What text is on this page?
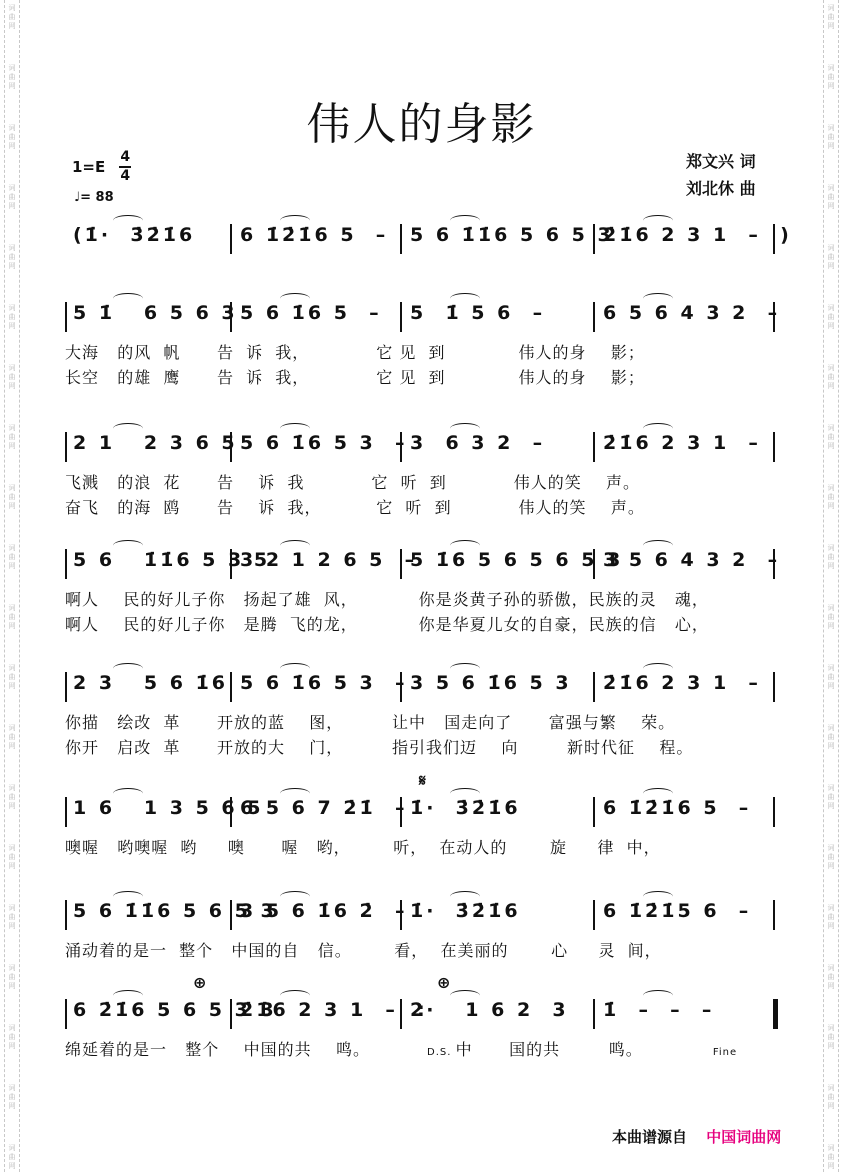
词
曲
网
词
曲
网
词
曲
网
词
曲
网
词
曲
网
词
曲
网
词
曲
网
词
曲
网
词
曲
网
词
曲
网
词
曲
网
词
曲
网
词
曲
网
词
曲
网
词
曲
网
词
曲
网
词
曲
网
词
曲
网
词
曲
网
词
曲
网
词
曲
网
词
曲
网
词
曲
网
词
曲
网
词
曲
网
词
曲
网
词
曲
网
词
曲
网
词
曲
网
词
曲
网
词
曲
网
词
曲
网
词
曲
网
词
曲
网
词
曲
网
词
曲
网
词
曲
网
词
曲
网
词
曲
网
词
曲
网
伟人的身影
$1=E \frac{4}{4}$
♩= 88
郑文兴 词
刘北休 曲
(1̇·  3̇2̇1̇6 6 1̇2̇1̇6 5  – 5 6 1̇1̇6 5 6 5 3
2̇1̇6 2 3 1  –  )
5 1̇   6 5 6 3 5 6 1̇6 5  – 5  1̇ 5 6  –	6 5 6 4 3 2  –
大海   的风  帆      告  诉  我，           它 见  到            伟人的身    影；
长空   的雄  鹰      告  诉  我，           它 见  到            伟人的身    影；
2 1   2 3 6 5 5 6 1̇6 5 3  – 3  6 3 2  –	2̇1̇6 2 3 1  –
飞溅   的浪  花      告    诉  我           它  听  到           伟人的笑    声。
奋飞   的海  鸥      告    诉  我，         它  听  到           伟人的笑    声。
5 6   1̇1̇6 5 3 5
3 2 1 2 6 5  –
5 1̇6 5 6 5 6 5 3
3 5 6 4 3 2  –
啊人    民的好儿子你   扬起了雄  风，          你是炎黄子孙的骄傲，民族的灵   魂，
啊人    民的好儿子你   是腾  飞的龙，          你是华夏儿女的自豪，民族的信   心，
2 3   5 6 1̇6 5 6 1̇6 5 3  – 3 5 6 1̇6 5 3 2̇1̇6 2 3 1  –
你描   绘改  革      开放的蓝    图，        让中   国走向了      富强与繁    荣。
你开   启改  革      开放的大    门，        指引我们迈    向        新时代征    程。
1 6   1 3 5 6 5
6 5 6 7 2̇1̇  – 1̇·  3̇2̇1̇6	6 1̇2̇1̇6 5  –
噢喔   哟噢喔  哟     噢      喔   哟，       听，  在动人的       旋     律  中，
𝄋
5 6 1̇1̇6 5 6 5 3
3 5 6 1̇6 2̇  – 1̇·  3̇2̇1̇6	6 1̇2̇1̇5 6  –
涌动着的是一  整个   中国的自   信。       看，  在美丽的       心     灵  间，
6 2̇1̇6 5 6 5 3 3
2̇1̇6 2 3 1  –  :
2·   1 6 2  3 1̇  –  –  –
绵延着的是一   整个    中国的共    鸣。	D.S. 中      国的共        鸣。	Fine
⊕	⊕
本曲谱源自 中国词曲网
